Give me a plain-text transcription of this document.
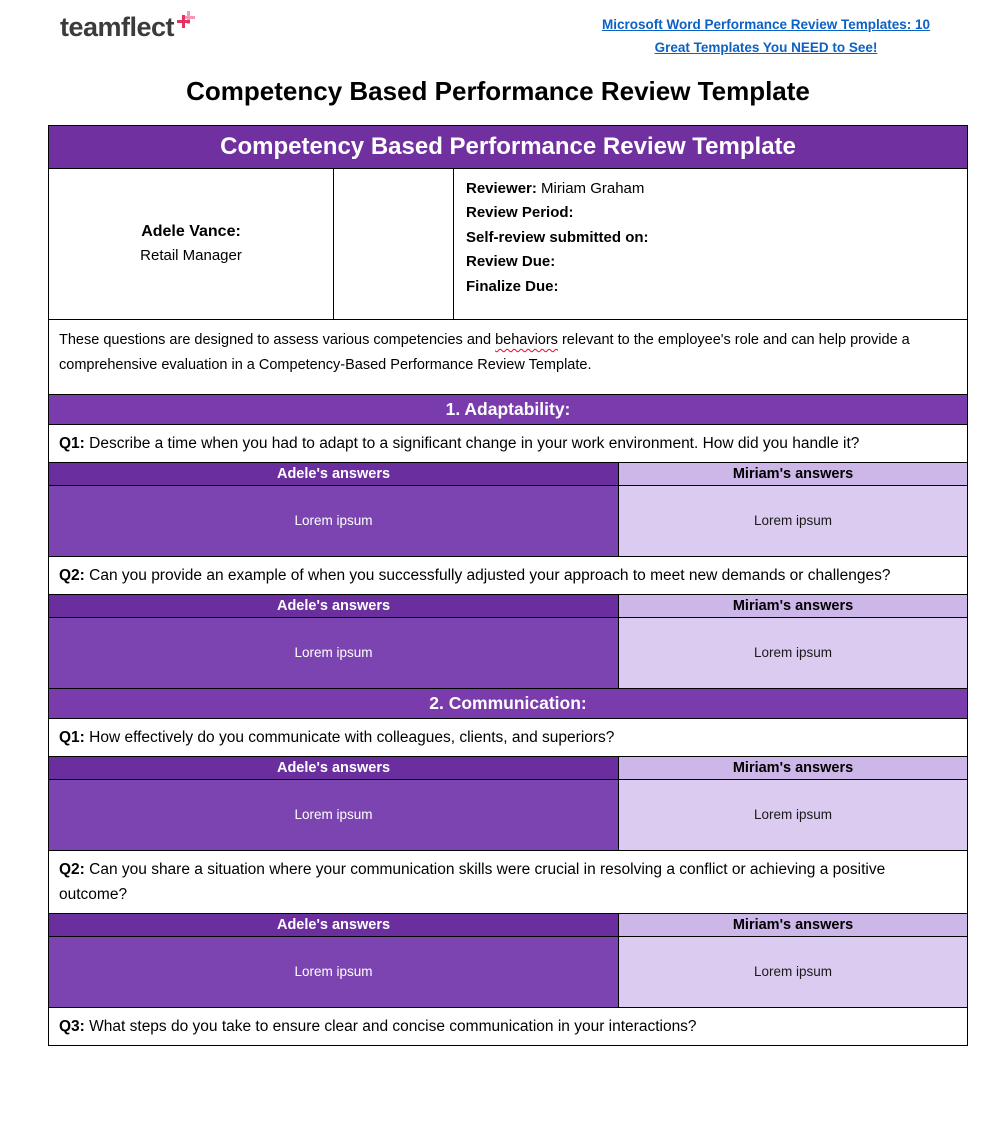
teamflect	Microsoft Word Performance Review Templates: 10 Great Templates You NEED to See!
Competency Based Performance Review Template
Competency Based Performance Review Template
Adele Vance:
Retail Manager
Reviewer: Miriam Graham
Review Period:
Self-review submitted on:
Review Due:
Finalize Due:
These questions are designed to assess various competencies and behaviors relevant to the employee's role and can help provide a comprehensive evaluation in a Competency-Based Performance Review Template.
1. Adaptability:
Q1: Describe a time when you had to adapt to a significant change in your work environment. How did you handle it?
Adele's answers	Miriam's answers
Lorem ipsum	Lorem ipsum
Q2: Can you provide an example of when you successfully adjusted your approach to meet new demands or challenges?
Adele's answers	Miriam's answers
Lorem ipsum	Lorem ipsum
2. Communication:
Q1: How effectively do you communicate with colleagues, clients, and superiors?
Adele's answers	Miriam's answers
Lorem ipsum	Lorem ipsum
Q2: Can you share a situation where your communication skills were crucial in resolving a conflict or achieving a positive outcome?
Adele's answers	Miriam's answers
Lorem ipsum	Lorem ipsum
Q3: What steps do you take to ensure clear and concise communication in your interactions?
